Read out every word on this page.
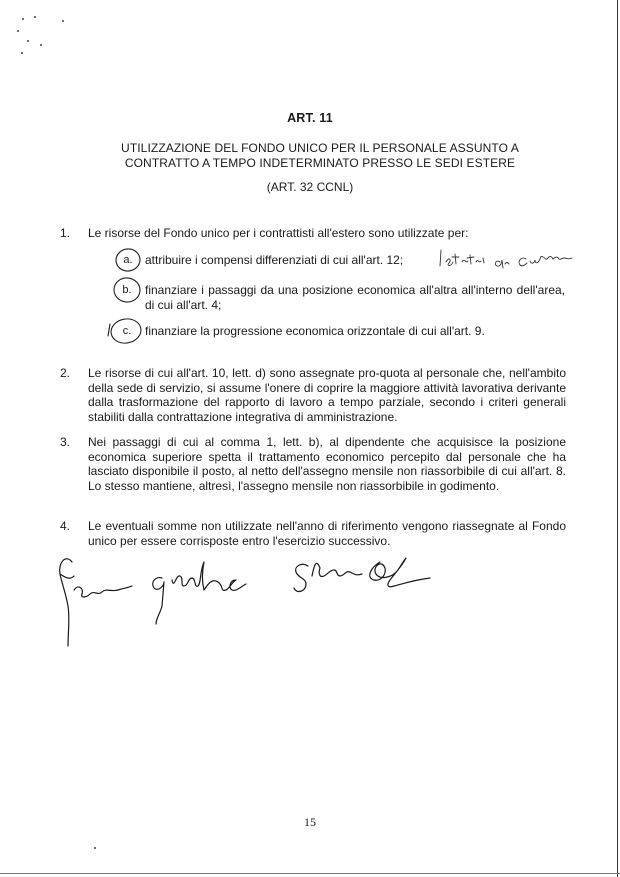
ART. 11
UTILIZZAZIONE DEL FONDO UNICO PER IL PERSONALE ASSUNTO A
CONTRATTO A TEMPO INDETERMINATO PRESSO LE SEDI ESTERE
(ART. 32 CCNL)
1. Le risorse del Fondo unico per i contrattisti all'estero sono utilizzate per:
a.	attribuire i compensi differenziati di cui all'art. 12;
b.	finanziare i passaggi da una posizione economica all'altra all'interno dell'area, di cui all'art. 4;
c.	finanziare la progressione economica orizzontale di cui all'art. 9.
2. Le risorse di cui all'art. 10, lett. d) sono assegnate pro-quota al personale che, nell'ambito della sede di servizio, si assume l'onere di coprire la maggiore attività lavorativa derivante dalla trasformazione del rapporto di lavoro a tempo parziale, secondo i criteri generali stabiliti dalla contrattazione integrativa di amministrazione.
3. Nei passaggi di cui al comma 1, lett. b), al dipendente che acquisisce la posizione economica superiore spetta il trattamento economico percepito dal personale che ha lasciato disponibile il posto, al netto dell'assegno mensile non riassorbibile di cui all'art. 8. Lo stesso mantiene, altresì, l'assegno mensile non riassorbibile in godimento.
4. Le eventuali somme non utilizzate nell'anno di riferimento vengono riassegnate al Fondo unico per essere corrisposte entro l'esercizio successivo.
15
